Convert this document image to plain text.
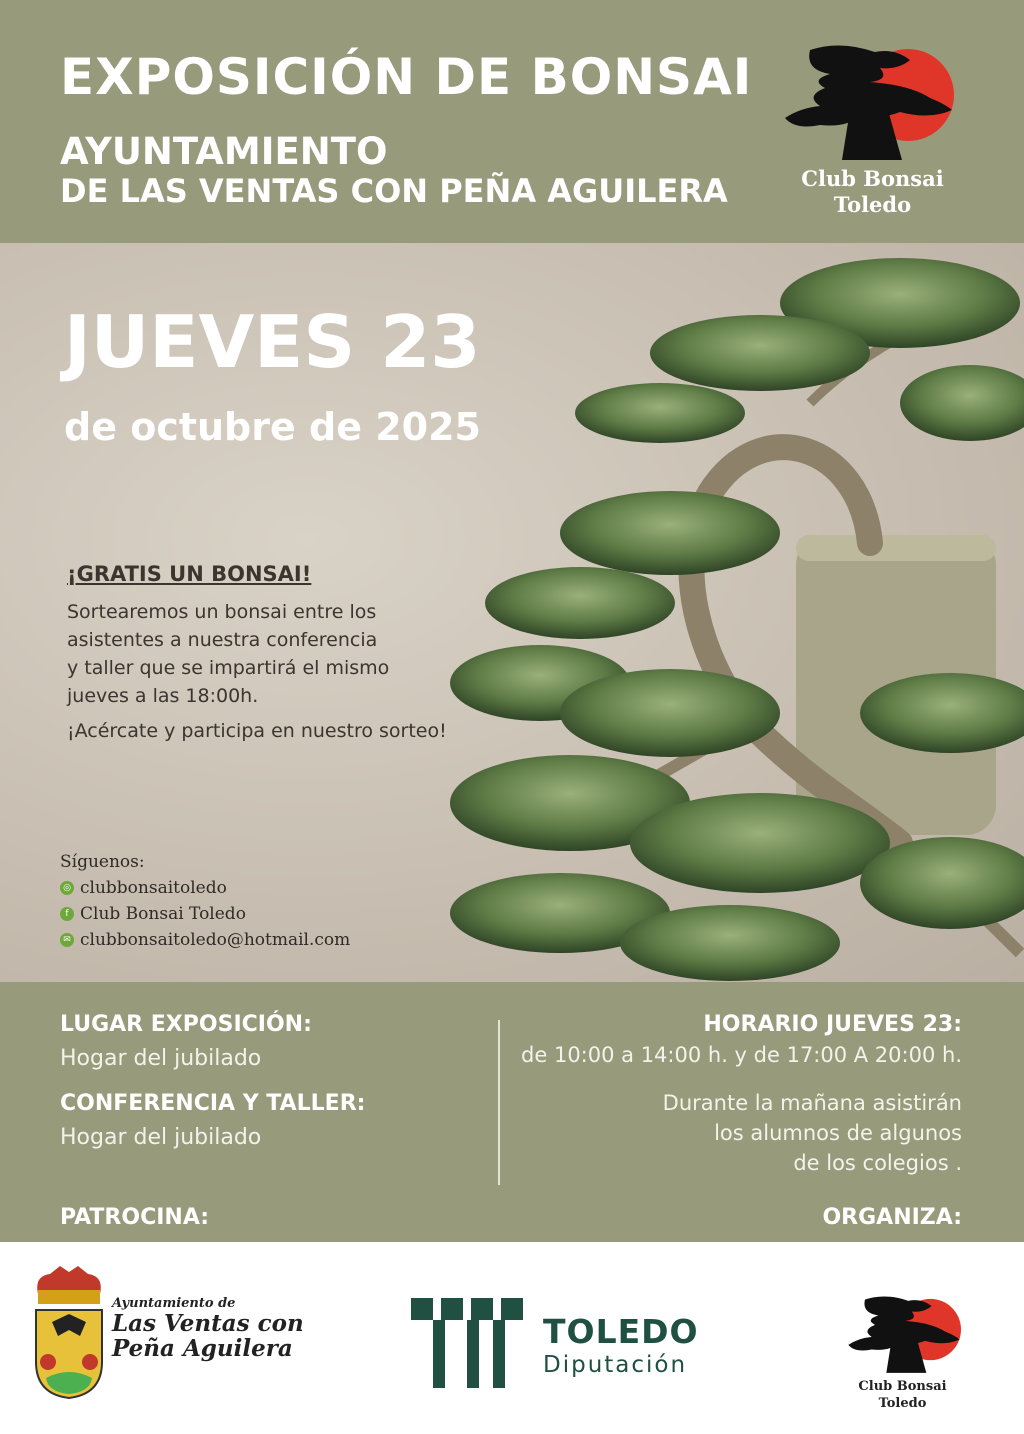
EXPOSICIÓN DE BONSAI
AYUNTAMIENTO
DE LAS VENTAS CON PEÑA AGUILERA	Club Bonsai
Toledo
JUEVES 23
de octubre de 2025
¡GRATIS UN BONSAI!
Sortearemos un bonsai entre los
asistentes a nuestra conferencia
y taller que se impartirá el mismo
jueves a las 18:00h.
¡Acércate y participa en nuestro sorteo!
Síguenos:
◎ clubbonsaitoledo
f Club Bonsai Toledo
✉ clubbonsaitoledo@hotmail.com
LUGAR EXPOSICIÓN:
Hogar del jubilado
CONFERENCIA Y TALLER:
Hogar del jubilado
HORARIO JUEVES 23:
de 10:00 a 14:00 h. y de 17:00 A 20:00 h.
Durante la mañana asistirán
los alumnos de algunos
de los colegios .
PATROCINA:	ORGANIZA:
Ayuntamiento de
Las Ventas con
Peña Aguilera	TOLEDO
Diputación
Club Bonsai
Toledo
